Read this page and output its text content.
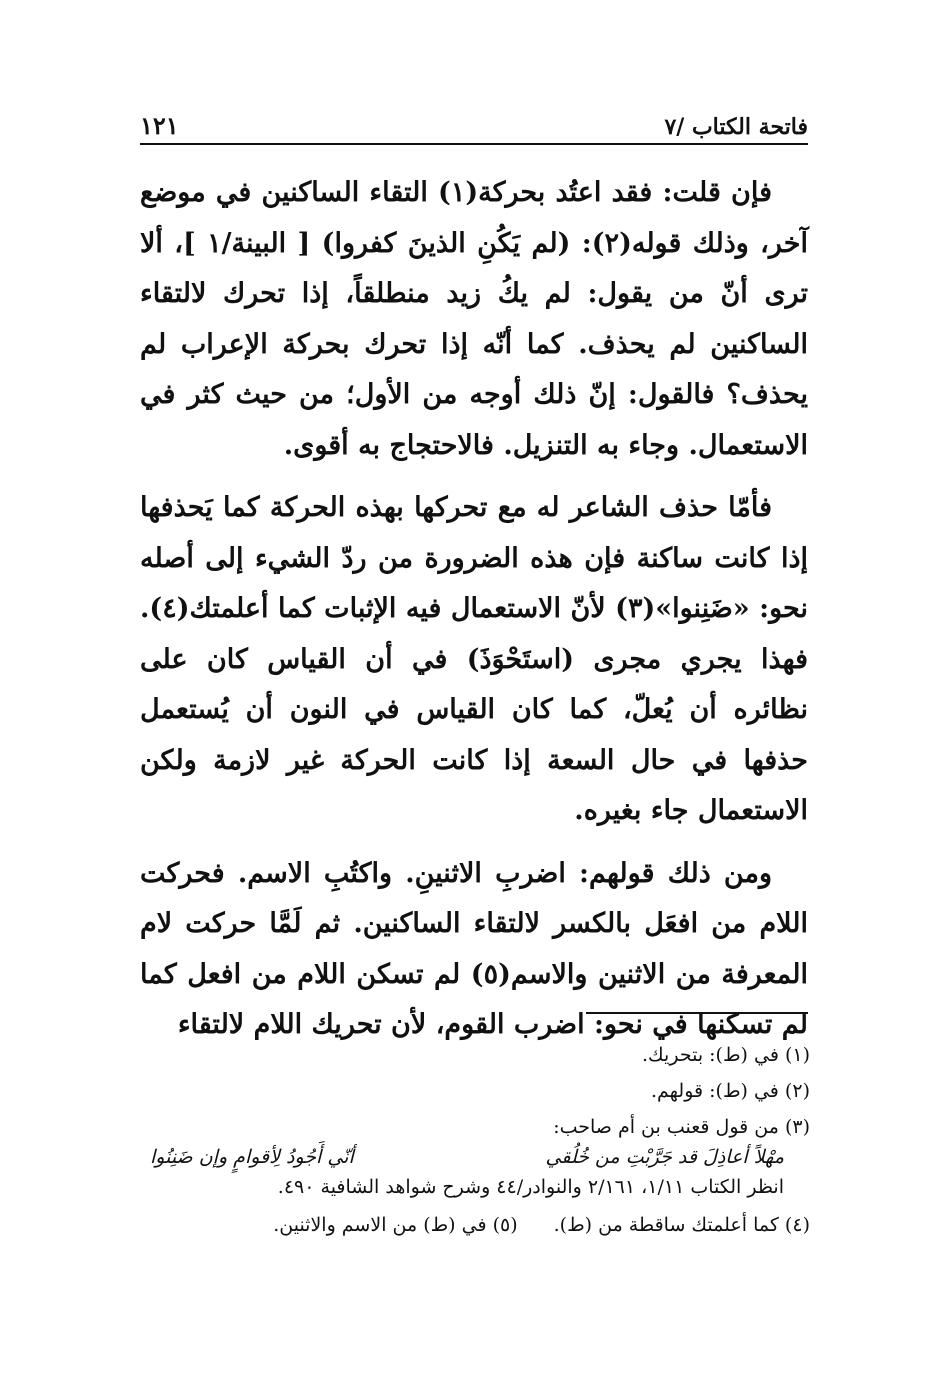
١٢١	فاتحة الكتاب /٧

فإن قلت: فقد اعتُد بحركة(١) التقاء الساكنين في موضع آخر، وذلك قوله(٢): (لم يَكُنِ الذينَ كفروا) [ البينة/١ ]، ألا ترى أنّ من يقول: لم يكُ زيد منطلقاً، إذا تحرك لالتقاء الساكنين لم يحذف. كما أنّه إذا تحرك بحركة الإعراب لم يحذف؟ فالقول: إنّ ذلك أوجه من الأول؛ من حيث كثر في الاستعمال. وجاء به التنزيل. فالاحتجاج به أقوى.

فأمّا حذف الشاعر له مع تحركها بهذه الحركة كما يَحذفها إذا كانت ساكنة فإن هذه الضرورة من ردّ الشيء إلى أصله نحو: «ضَنِنوا»(٣) لأنّ الاستعمال فيه الإثبات كما أعلمتك(٤). فهذا يجري مجرى (استَحْوَذَ) في أن القياس كان على نظائره أن يُعلّ، كما كان القياس في النون أن يُستعمل حذفها في حال السعة إذا كانت الحركة غير لازمة ولكن الاستعمال جاء بغيره.

ومن ذلك قولهم: اضربِ الاثنينِ. واكتُبِ الاسم. فحركت اللام من افعَل بالكسر لالتقاء الساكنين. ثم لَمَّا حركت لام المعرفة من الاثنين والاسم(٥) لم تسكن اللام من افعل كما لم تسكنها في نحو: اضرب القوم، لأن تحريك اللام لالتقاء

(١) في (ط): بتحريك.

(٢) في (ط): قولهم.

(٣) من قول قعنب بن أم صاحب:

مهْلاً أعاذِلَ قد جَرَّبْتِ من خُلُقي
أنّي أَجُودُ لِأقوامٍ وإن ضَنِنُوا

انظر الكتاب ١/١١، ٢/١٦١ والنوادر/٤٤ وشرح شواهد الشافية ٤٩٠.

(٤) كما أعلمتك ساقطة من (ط).
(٥) في (ط) من الاسم والاثنين.
